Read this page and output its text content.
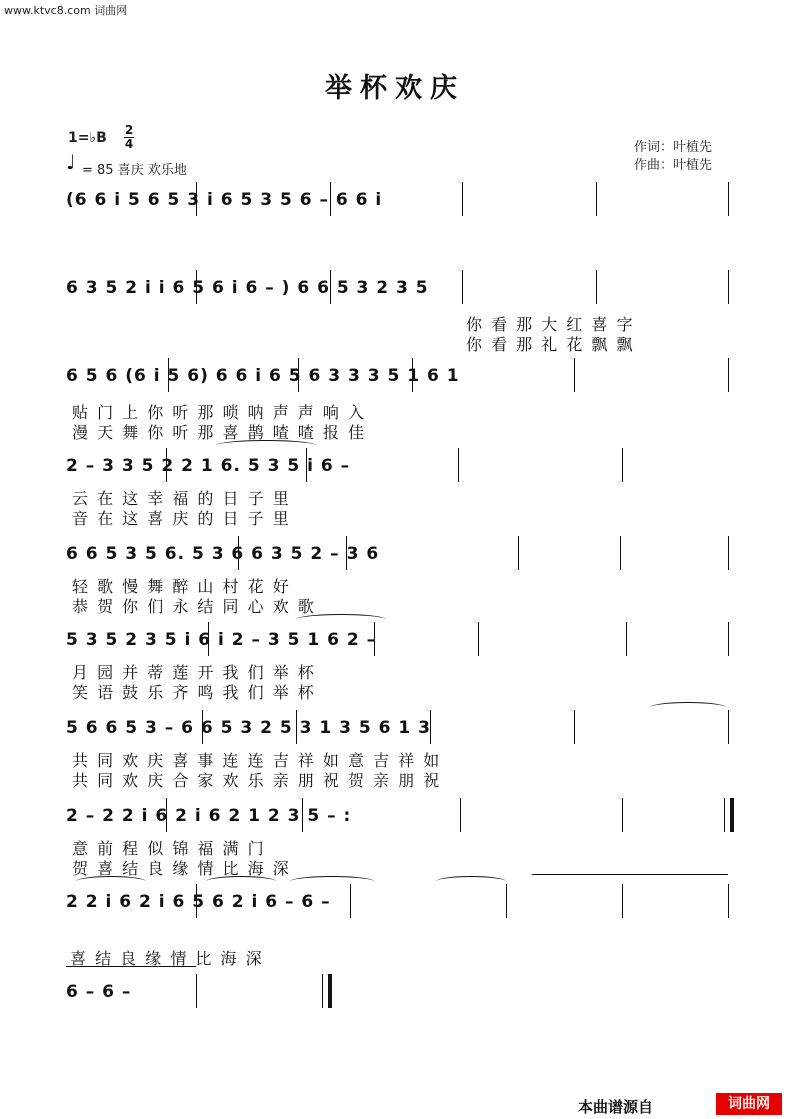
www.ktvc8.com 词曲网
举杯欢庆
1=♭B 2
4
♩ = 85 喜庆 欢乐地
作词：叶植先
作曲：叶植先
(6 6 i 5 6 5 3 i 6 5 3 5 6 – 6 6 i
6 3 5 2 i i 6 5 6 i 6 – ) 6 6 5 3 2 3 5
你 看 那 大 红 喜 字
你 看 那 礼 花 飘 飘
6 5 6 (6 i 5 6) 6 6 i 6 5 6 3 3 3 5 1 6 1
贴 门 上 你 听 那 唢 呐 声 声 响 入
漫 天 舞 你 听 那 喜 鹊 喳 喳 报 佳
2 – 3 3 5 2 2 1 6. 5 3 5 i 6 –
云 在 这 幸 福 的 日 子 里
音 在 这 喜 庆 的 日 子 里
6 6 5 3 5 6. 5 3 6 6 3 5 2 – 3 6
轻 歌 慢 舞 醉 山 村 花 好
恭 贺 你 们 永 结 同 心 欢 歌
5 3 5 2 3 5 i 6 i 2 – 3 5 1 6 2 –
月 园 并 蒂 莲 开 我 们 举 杯
笑 语 鼓 乐 齐 鸣 我 们 举 杯
5 6 6 5 3 – 6 6 5 3 2 5 3 1 3 5 6 1 3
共 同 欢 庆 喜 事 连 连 吉 祥 如 意 吉 祥 如
共 同 欢 庆 合 家 欢 乐 亲 朋 祝 贺 亲 朋 祝
2 – 2 2 i 6 2 i 6 2 1 2 3 5 – :
意 前 程 似 锦 福 满 门
贺 喜 结 良 缘 情 比 海 深
2 2 i 6 2 i 6 5 6 2 i 6 – 6 –
喜 结 良 缘 情 比 海 深
6 – 6 –
本曲谱源自	词曲网
